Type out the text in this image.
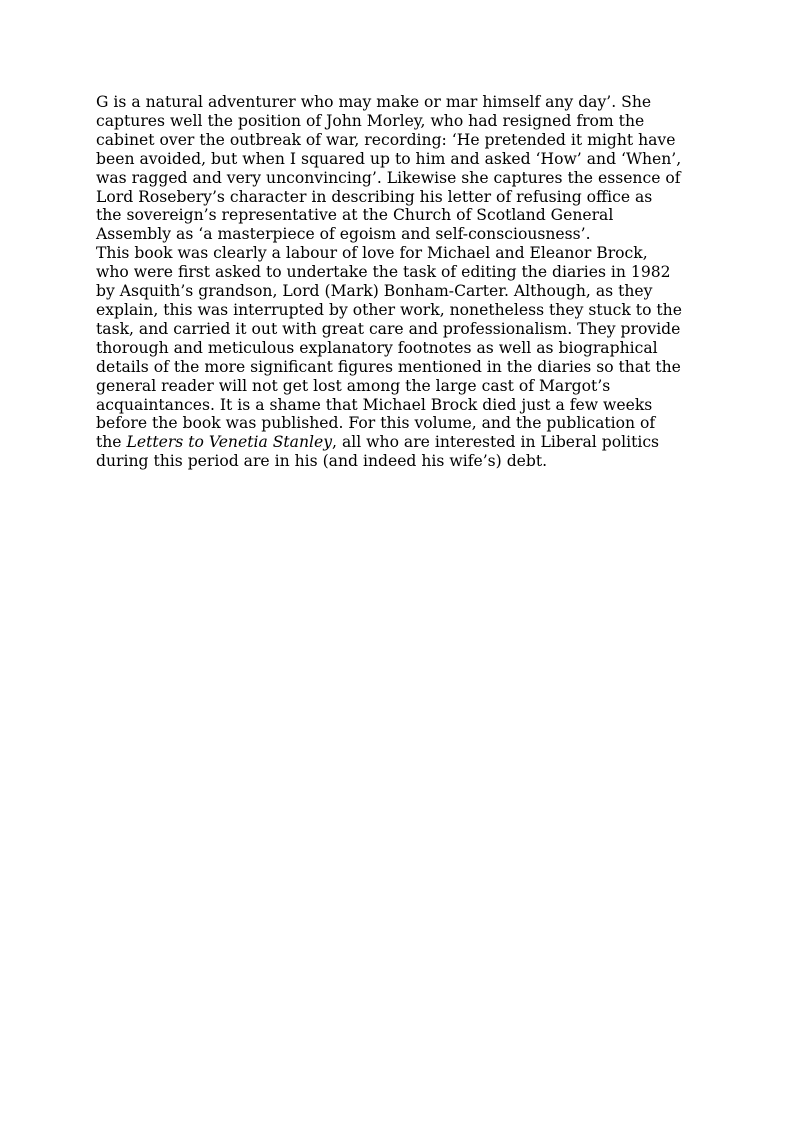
G is a natural adventurer who may make or mar himself any day’. She
captures well the position of John Morley, who had resigned from the
cabinet over the outbreak of war, recording: ‘He pretended it might have
been avoided, but when I squared up to him and asked ‘How’ and ‘When’,
was ragged and very unconvincing’. Likewise she captures the essence of
Lord Rosebery’s character in describing his letter of refusing office as
the sovereign’s representative at the Church of Scotland General
Assembly as ‘a masterpiece of egoism and self-consciousness’.

This book was clearly a labour of love for Michael and Eleanor Brock,
who were first asked to undertake the task of editing the diaries in 1982
by Asquith’s grandson, Lord (Mark) Bonham-Carter. Although, as they
explain, this was interrupted by other work, nonetheless they stuck to the
task, and carried it out with great care and professionalism. They provide
thorough and meticulous explanatory footnotes as well as biographical
details of the more significant figures mentioned in the diaries so that the
general reader will not get lost among the large cast of Margot’s
acquaintances. It is a shame that Michael Brock died just a few weeks
before the book was published. For this volume, and the publication of
the Letters to Venetia Stanley, all who are interested in Liberal politics
during this period are in his (and indeed his wife’s) debt.
